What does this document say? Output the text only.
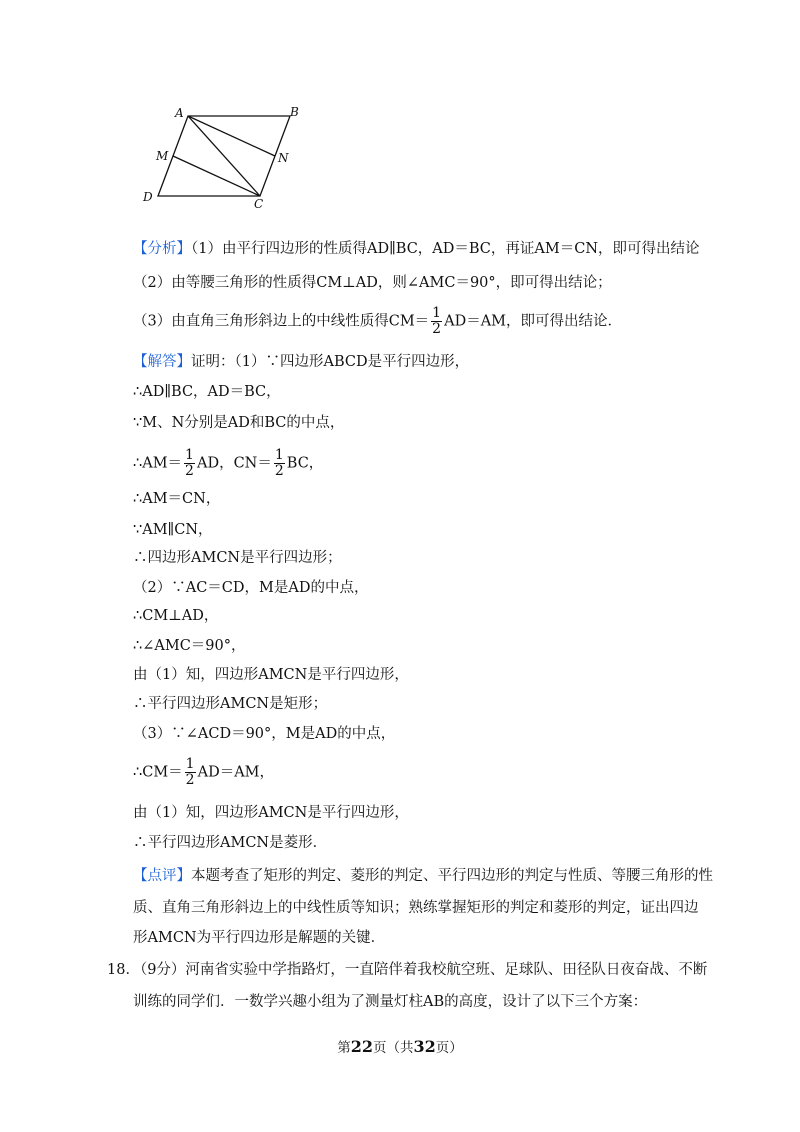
A	B
M	N
D	C
【分析】（1）由平行四边形的性质得AD∥BC，AD＝BC，再证AM＝CN，即可得出结论
（2）由等腰三角形的性质得CM⊥AD，则∠AMC＝90°，即可得出结论；
（3）由直角三角形斜边上的中线性质得$CM= \frac{1}{2} AD=AM$，即可得出结论．
【解答】证明：（1）∵四边形ABCD是平行四边形，
∴AD∥BC，AD＝BC，
∵M、N分别是AD和BC的中点，
∴AM＝ $\frac{1}{2}$ AD，$CN= \frac{1}{2}$ BC，
∴AM＝CN，
∵AM∥CN，
∴四边形AMCN是平行四边形；
（2）∵AC＝CD，M是AD的中点，
∴CM⊥AD，
∴∠AMC＝90°，
由（1）知，四边形AMCN是平行四边形，
∴平行四边形AMCN是矩形；
（3）∵∠ACD＝90°，M是AD的中点，
∴CM＝ $\frac{1}{2} AD=AM$，
由（1）知，四边形AMCN是平行四边形，
∴平行四边形AMCN是菱形．
【点评】本题考查了矩形的判定、菱形的判定、平行四边形的判定与性质、等腰三角形的性
质、直角三角形斜边上的中线性质等知识；熟练掌握矩形的判定和菱形的判定，证出四边
形AMCN为平行四边形是解题的关键．
18．（9分）河南省实验中学指路灯，一直陪伴着我校航空班、足球队、田径队日夜奋战、不断
训练的同学们．一数学兴趣小组为了测量灯柱AB的高度，设计了以下三个方案：
第22页（共32页）
